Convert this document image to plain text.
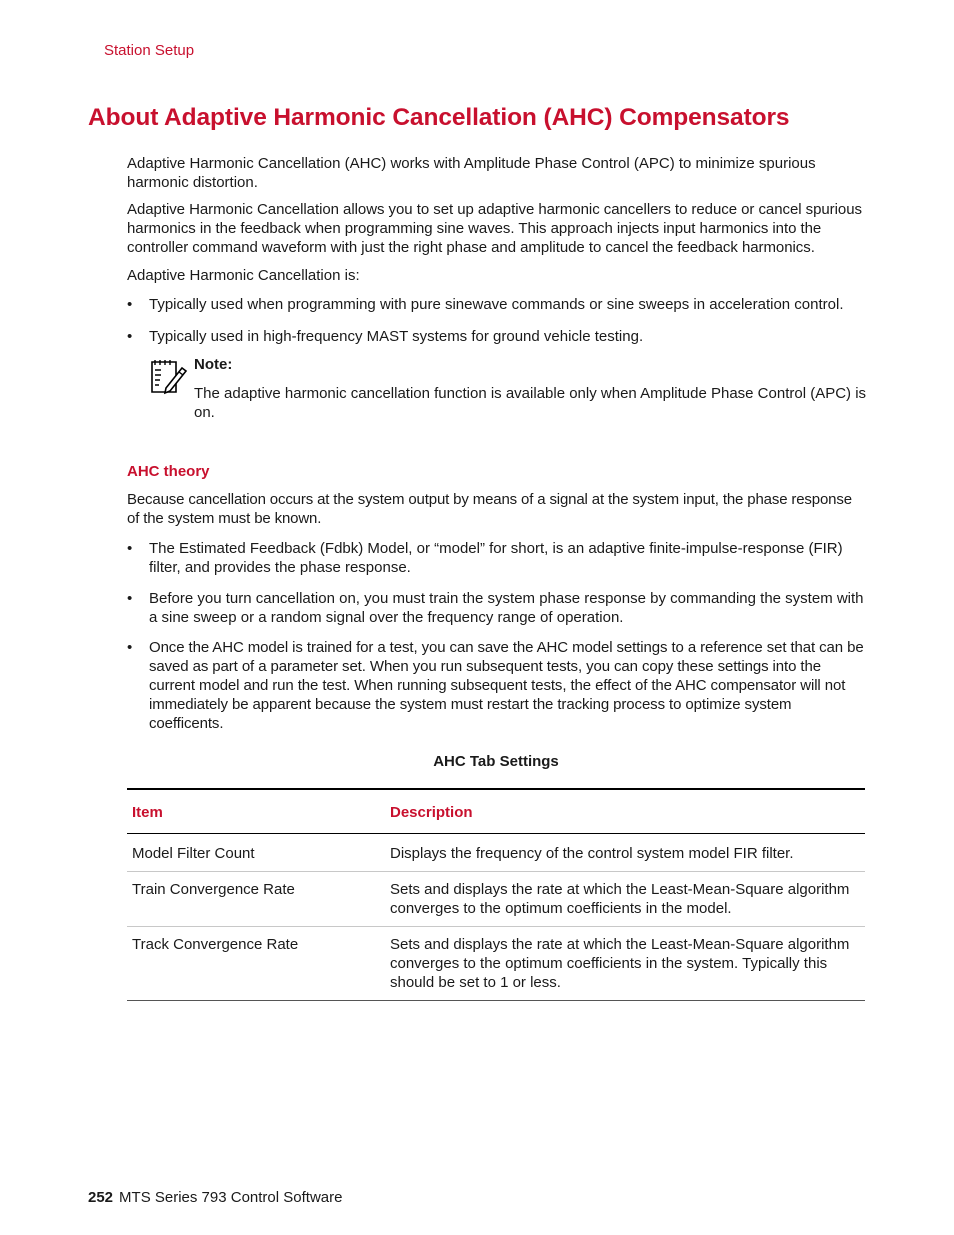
Station Setup
About Adaptive Harmonic Cancellation (AHC) Compensators

Adaptive Harmonic Cancellation (AHC) works with Amplitude Phase Control (APC) to minimize spurious harmonic distortion.

Adaptive Harmonic Cancellation allows you to set up adaptive harmonic cancellers to reduce or cancel spurious harmonics in the feedback when programming sine waves. This approach injects input harmonics into the controller command waveform with just the right phase and amplitude to cancel the feedback harmonics.

Adaptive Harmonic Cancellation is:

• Typically used when programming with pure sinewave commands or sine sweeps in acceleration control.
• Typically used in high-frequency MAST systems for ground vehicle testing.
Note:
The adaptive harmonic cancellation function is available only when Amplitude Phase Control (APC) is on.
AHC theory

Because cancellation occurs at the system output by means of a signal at the system input, the phase response of the system must be known.

• The Estimated Feedback (Fdbk) Model, or “model” for short, is an adaptive finite-impulse-response (FIR) filter, and provides the phase response.
• Before you turn cancellation on, you must train the system phase response by commanding the system with a sine sweep or a random signal over the frequency range of operation.
• Once the AHC model is trained for a test, you can save the AHC model settings to a reference set that can be saved as part of a parameter set. When you run subsequent tests, you can copy these settings into the current model and run the test. When running subsequent tests, the effect of the AHC compensator will not immediately be apparent because the system must restart the tracking process to optimize system coefficents.
AHC Tab Settings
Item	Description
Model Filter Count	Displays the frequency of the control system model FIR filter.
Train Convergence Rate	Sets and displays the rate at which the Least-Mean-Square algorithm converges to the optimum coefficients in the model.
Track Convergence Rate	Sets and displays the rate at which the Least-Mean-Square algorithm converges to the optimum coefficients in the system. Typically this should be set to 1 or less.
252 MTS Series 793 Control Software
